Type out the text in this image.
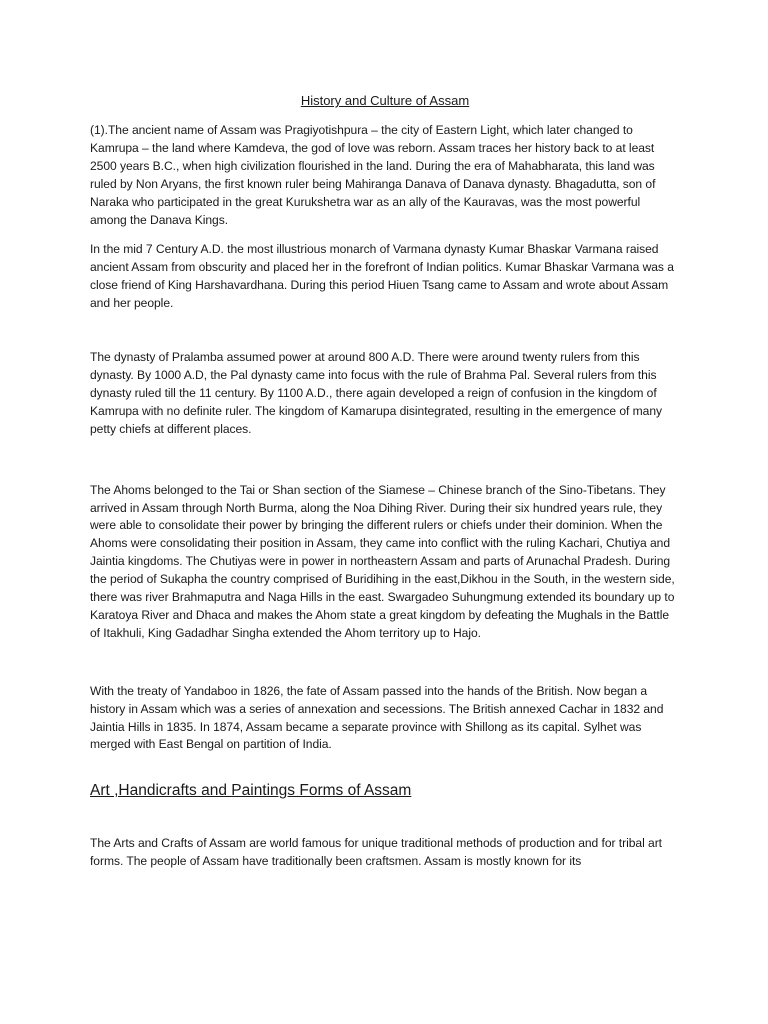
History and Culture of Assam

(1).The ancient name of Assam was Pragiyotishpura – the city of Eastern Light, which later changed to Kamrupa – the land where Kamdeva, the god of love was reborn. Assam traces her history back to at least 2500 years B.C., when high civilization flourished in the land. During the era of Mahabharata, this land was ruled by Non Aryans, the first known ruler being Mahiranga Danava of Danava dynasty. Bhagadutta, son of Naraka who participated in the great Kurukshetra war as an ally of the Kauravas, was the most powerful among the Danava Kings.

In the mid 7 Century A.D. the most illustrious monarch of Varmana dynasty Kumar Bhaskar Varmana raised ancient Assam from obscurity and placed her in the forefront of Indian politics. Kumar Bhaskar Varmana was a close friend of King Harshavardhana. During this period Hiuen Tsang came to Assam and wrote about Assam and her people.

The dynasty of Pralamba assumed power at around 800 A.D. There were around twenty rulers from this dynasty. By 1000 A.D, the Pal dynasty came into focus with the rule of Brahma Pal. Several rulers from this dynasty ruled till the 11 century. By 1100 A.D., there again developed a reign of confusion in the kingdom of Kamrupa with no definite ruler. The kingdom of Kamarupa disintegrated, resulting in the emergence of many petty chiefs at different places.

The Ahoms belonged to the Tai or Shan section of the Siamese – Chinese branch of the Sino-Tibetans. They arrived in Assam through North Burma, along the Noa Dihing River. During their six hundred years rule, they were able to consolidate their power by bringing the different rulers or chiefs under their dominion. When the Ahoms were consolidating their position in Assam, they came into conflict with the ruling Kachari, Chutiya and Jaintia kingdoms. The Chutiyas were in power in northeastern Assam and parts of Arunachal Pradesh. During the period of Sukapha the country comprised of Buridihing in the east,Dikhou in the South, in the western side, there was river Brahmaputra and Naga Hills in the east. Swargadeo Suhungmung extended its boundary up to Karatoya River and Dhaca and makes the Ahom state a great kingdom by defeating the Mughals in the Battle of Itakhuli, King Gadadhar Singha extended the Ahom territory up to Hajo.

With the treaty of Yandaboo in 1826, the fate of Assam passed into the hands of the British. Now began a history in Assam which was a series of annexation and secessions. The British annexed Cachar in 1832 and Jaintia Hills in 1835. In 1874, Assam became a separate province with Shillong as its capital. Sylhet was merged with East Bengal on partition of India.

Art ,Handicrafts and Paintings Forms of Assam

The Arts and Crafts of Assam are world famous for unique traditional methods of production and for tribal art forms. The people of Assam have traditionally been craftsmen. Assam is mostly known for its
